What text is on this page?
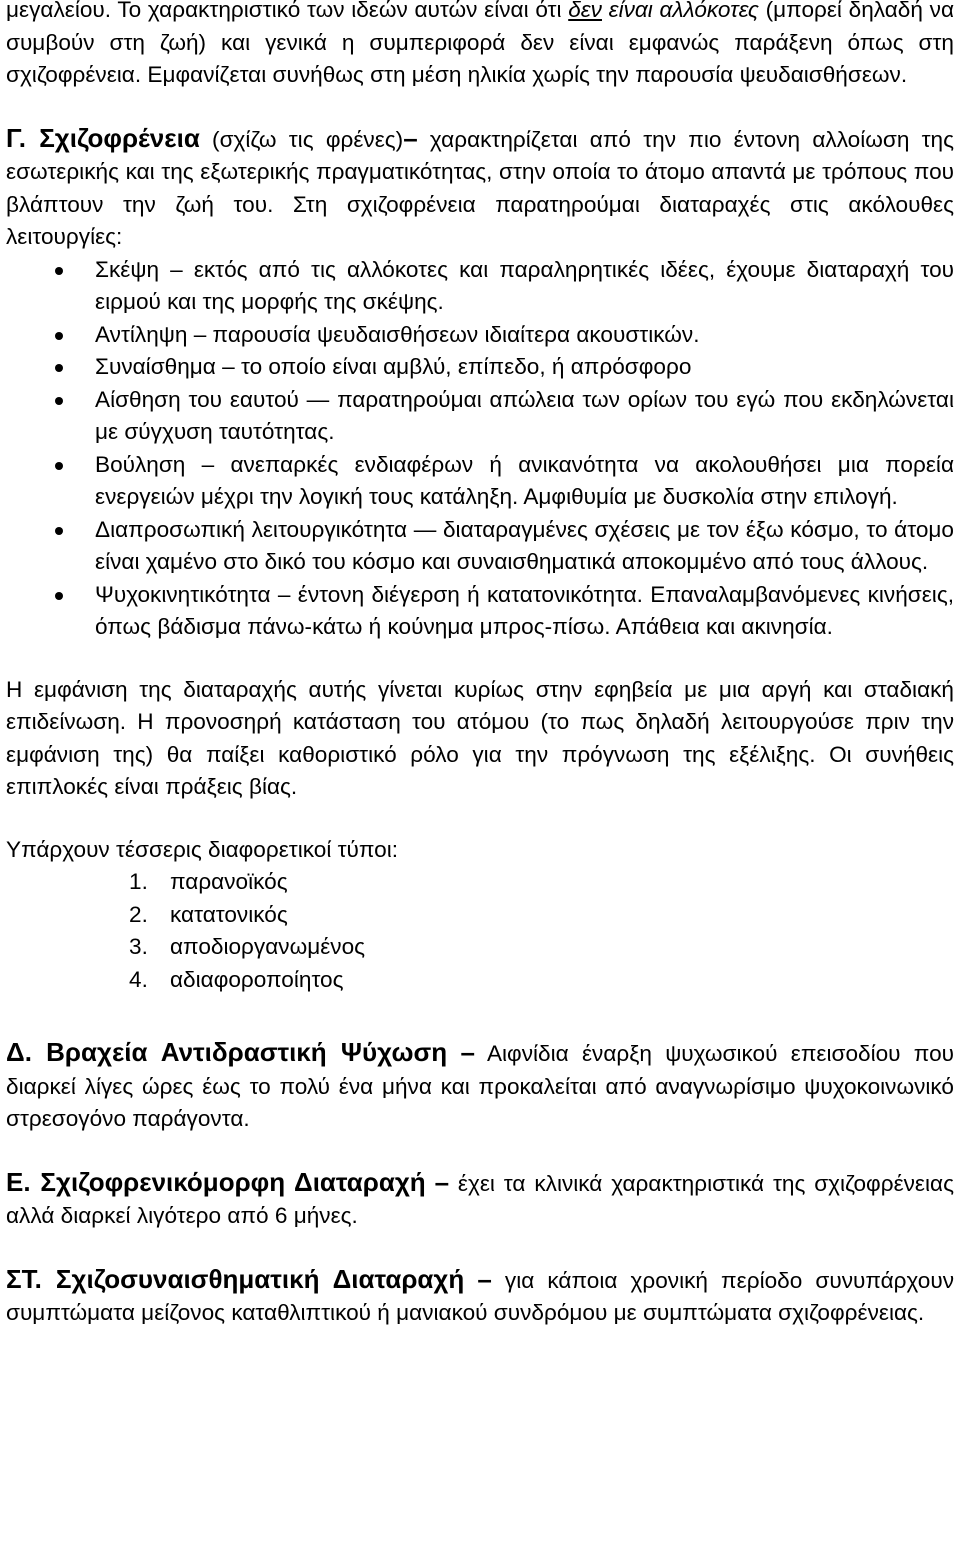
μεγαλείου. Το χαρακτηριστικό των ιδεών αυτών είναι ότι δεν είναι αλλόκοτες (μπορεί δηλαδή να συμβούν στη ζωή) και γενικά η συμπεριφορά δεν είναι εμφανώς παράξενη όπως στη σχιζοφρένεια. Εμφανίζεται συνήθως στη μέση ηλικία χωρίς την παρουσία ψευδαισθήσεων.

Γ. Σχιζοφρένεια (σχίζω τις φρένες)– χαρακτηρίζεται από την πιο έντονη αλλοίωση της εσωτερικής και της εξωτερικής πραγματικότητας, στην οποία το άτομο απαντά με τρόπους που βλάπτουν την ζωή του. Στη σχιζοφρένεια παρατηρούμαι διαταραχές στις ακόλουθες λειτουργίες:

Σκέψη – εκτός από τις αλλόκοτες και παραληρητικές ιδέες, έχουμε διαταραχή του ειρμού και της μορφής της σκέψης.
Αντίληψη – παρουσία ψευδαισθήσεων ιδιαίτερα ακουστικών.
Συναίσθημα – το οποίο είναι αμβλύ, επίπεδο, ή απρόσφορο
Αίσθηση του εαυτού — παρατηρούμαι απώλεια των ορίων του εγώ που εκδηλώνεται με σύγχυση ταυτότητας.
Βούληση – ανεπαρκές ενδιαφέρων ή ανικανότητα να ακολουθήσει μια πορεία ενεργειών μέχρι την λογική τους κατάληξη. Αμφιθυμία με δυσκολία στην επιλογή.
Διαπροσωπική λειτουργικότητα — διαταραγμένες σχέσεις με τον έξω κόσμο, το άτομο είναι χαμένο στο δικό του κόσμο και συναισθηματικά αποκομμένο από τους άλλους.
Ψυχοκινητικότητα – έντονη διέγερση ή κατατονικότητα. Επαναλαμβανόμενες κινήσεις, όπως βάδισμα πάνω-κάτω ή κούνημα μπρος-πίσω. Απάθεια και ακινησία.

Η εμφάνιση της διαταραχής αυτής γίνεται κυρίως στην εφηβεία με μια αργή και σταδιακή επιδείνωση. Η προνοσηρή κατάσταση του ατόμου (το πως δηλαδή λειτουργούσε πριν την εμφάνιση της) θα παίξει καθοριστικό ρόλο για την πρόγνωση της εξέλιξης. Οι συνήθεις επιπλοκές είναι πράξεις βίας.

Υπάρχουν τέσσερις διαφορετικοί τύποι:

1. παρανοϊκός
2. κατατονικός
3. αποδιοργανωμένος
4. αδιαφοροποίητος

Δ. Βραχεία Αντιδραστική Ψύχωση – Αιφνίδια έναρξη ψυχωσικού επεισοδίου που διαρκεί λίγες ώρες έως το πολύ ένα μήνα και προκαλείται από αναγνωρίσιμο ψυχοκοινωνικό στρεσογόνο παράγοντα.

Ε. Σχιζοφρενικόμορφη Διαταραχή – έχει τα κλινικά χαρακτηριστικά της σχιζοφρένειας αλλά διαρκεί λιγότερο από 6 μήνες.

ΣΤ. Σχιζοσυναισθηματική Διαταραχή – για κάποια χρονική περίοδο συνυπάρχουν συμπτώματα μείζονος καταθλιπτικού ή μανιακού συνδρόμου με συμπτώματα σχιζοφρένειας.
